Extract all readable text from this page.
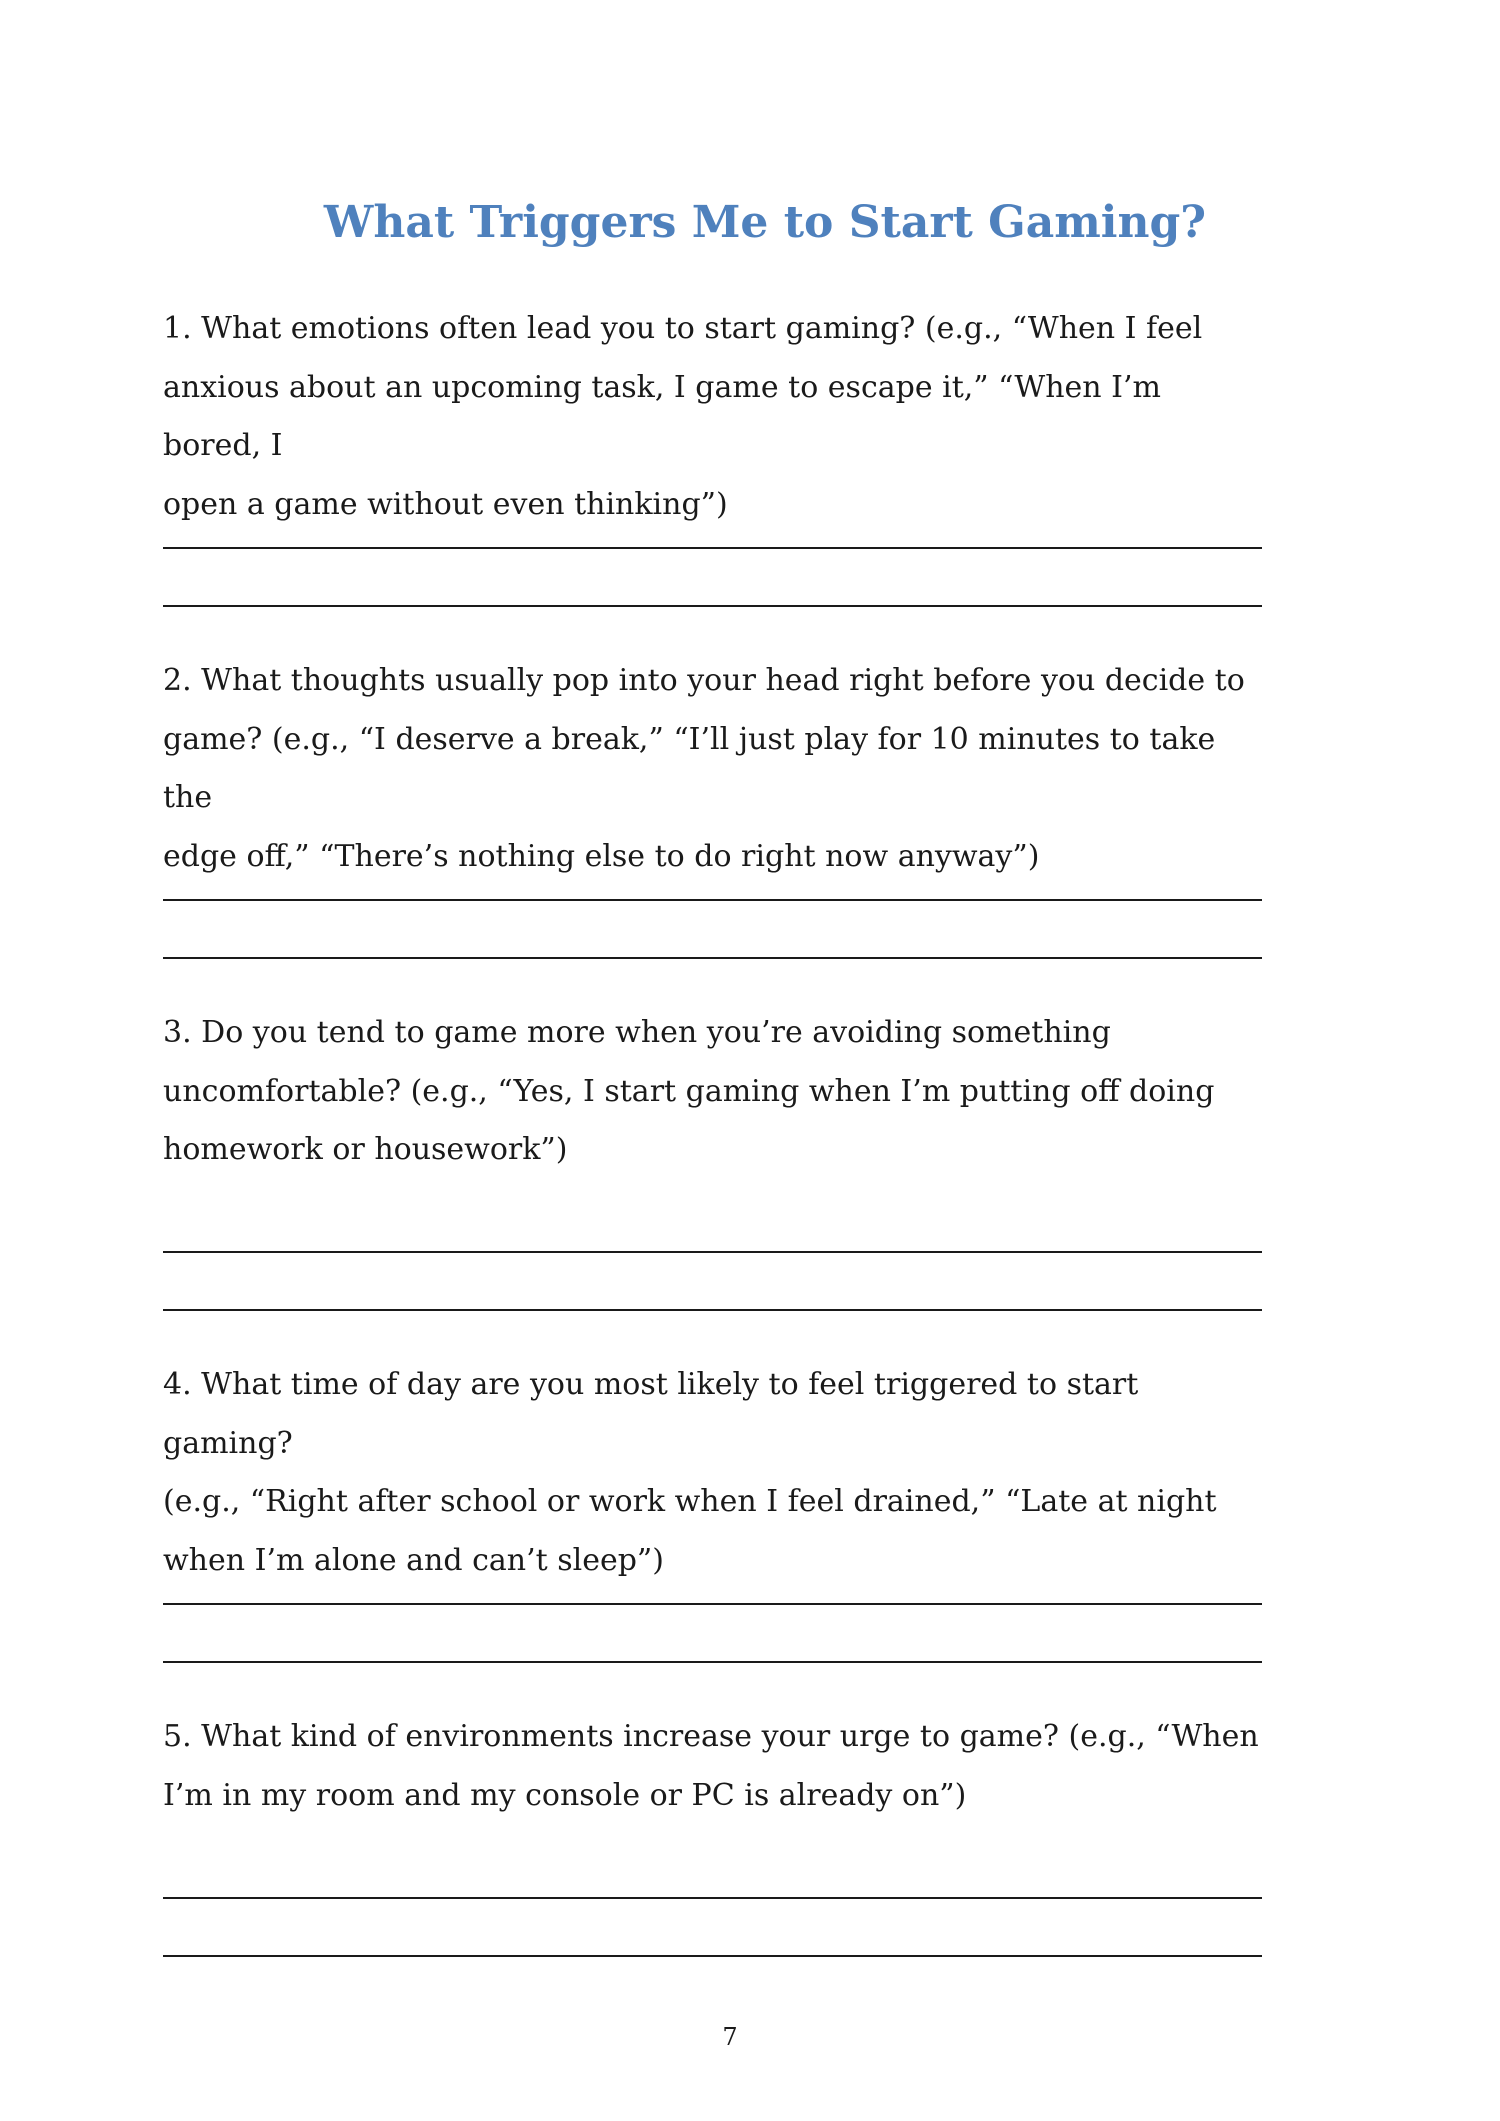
What Triggers Me to Start Gaming?

1. What emotions often lead you to start gaming? (e.g., “When I feel
anxious about an upcoming task, I game to escape it,” “When I’m bored, I
open a game without even thinking”)

2. What thoughts usually pop into your head right before you decide to
game? (e.g., “I deserve a break,” “I’ll just play for 10 minutes to take the
edge off,” “There’s nothing else to do right now anyway”)

3. Do you tend to game more when you’re avoiding something
uncomfortable? (e.g., “Yes, I start gaming when I’m putting off doing
homework or housework”)

4. What time of day are you most likely to feel triggered to start gaming?
(e.g., “Right after school or work when I feel drained,” “Late at night
when I’m alone and can’t sleep”)

5. What kind of environments increase your urge to game? (e.g., “When
I’m in my room and my console or PC is already on”)

7
